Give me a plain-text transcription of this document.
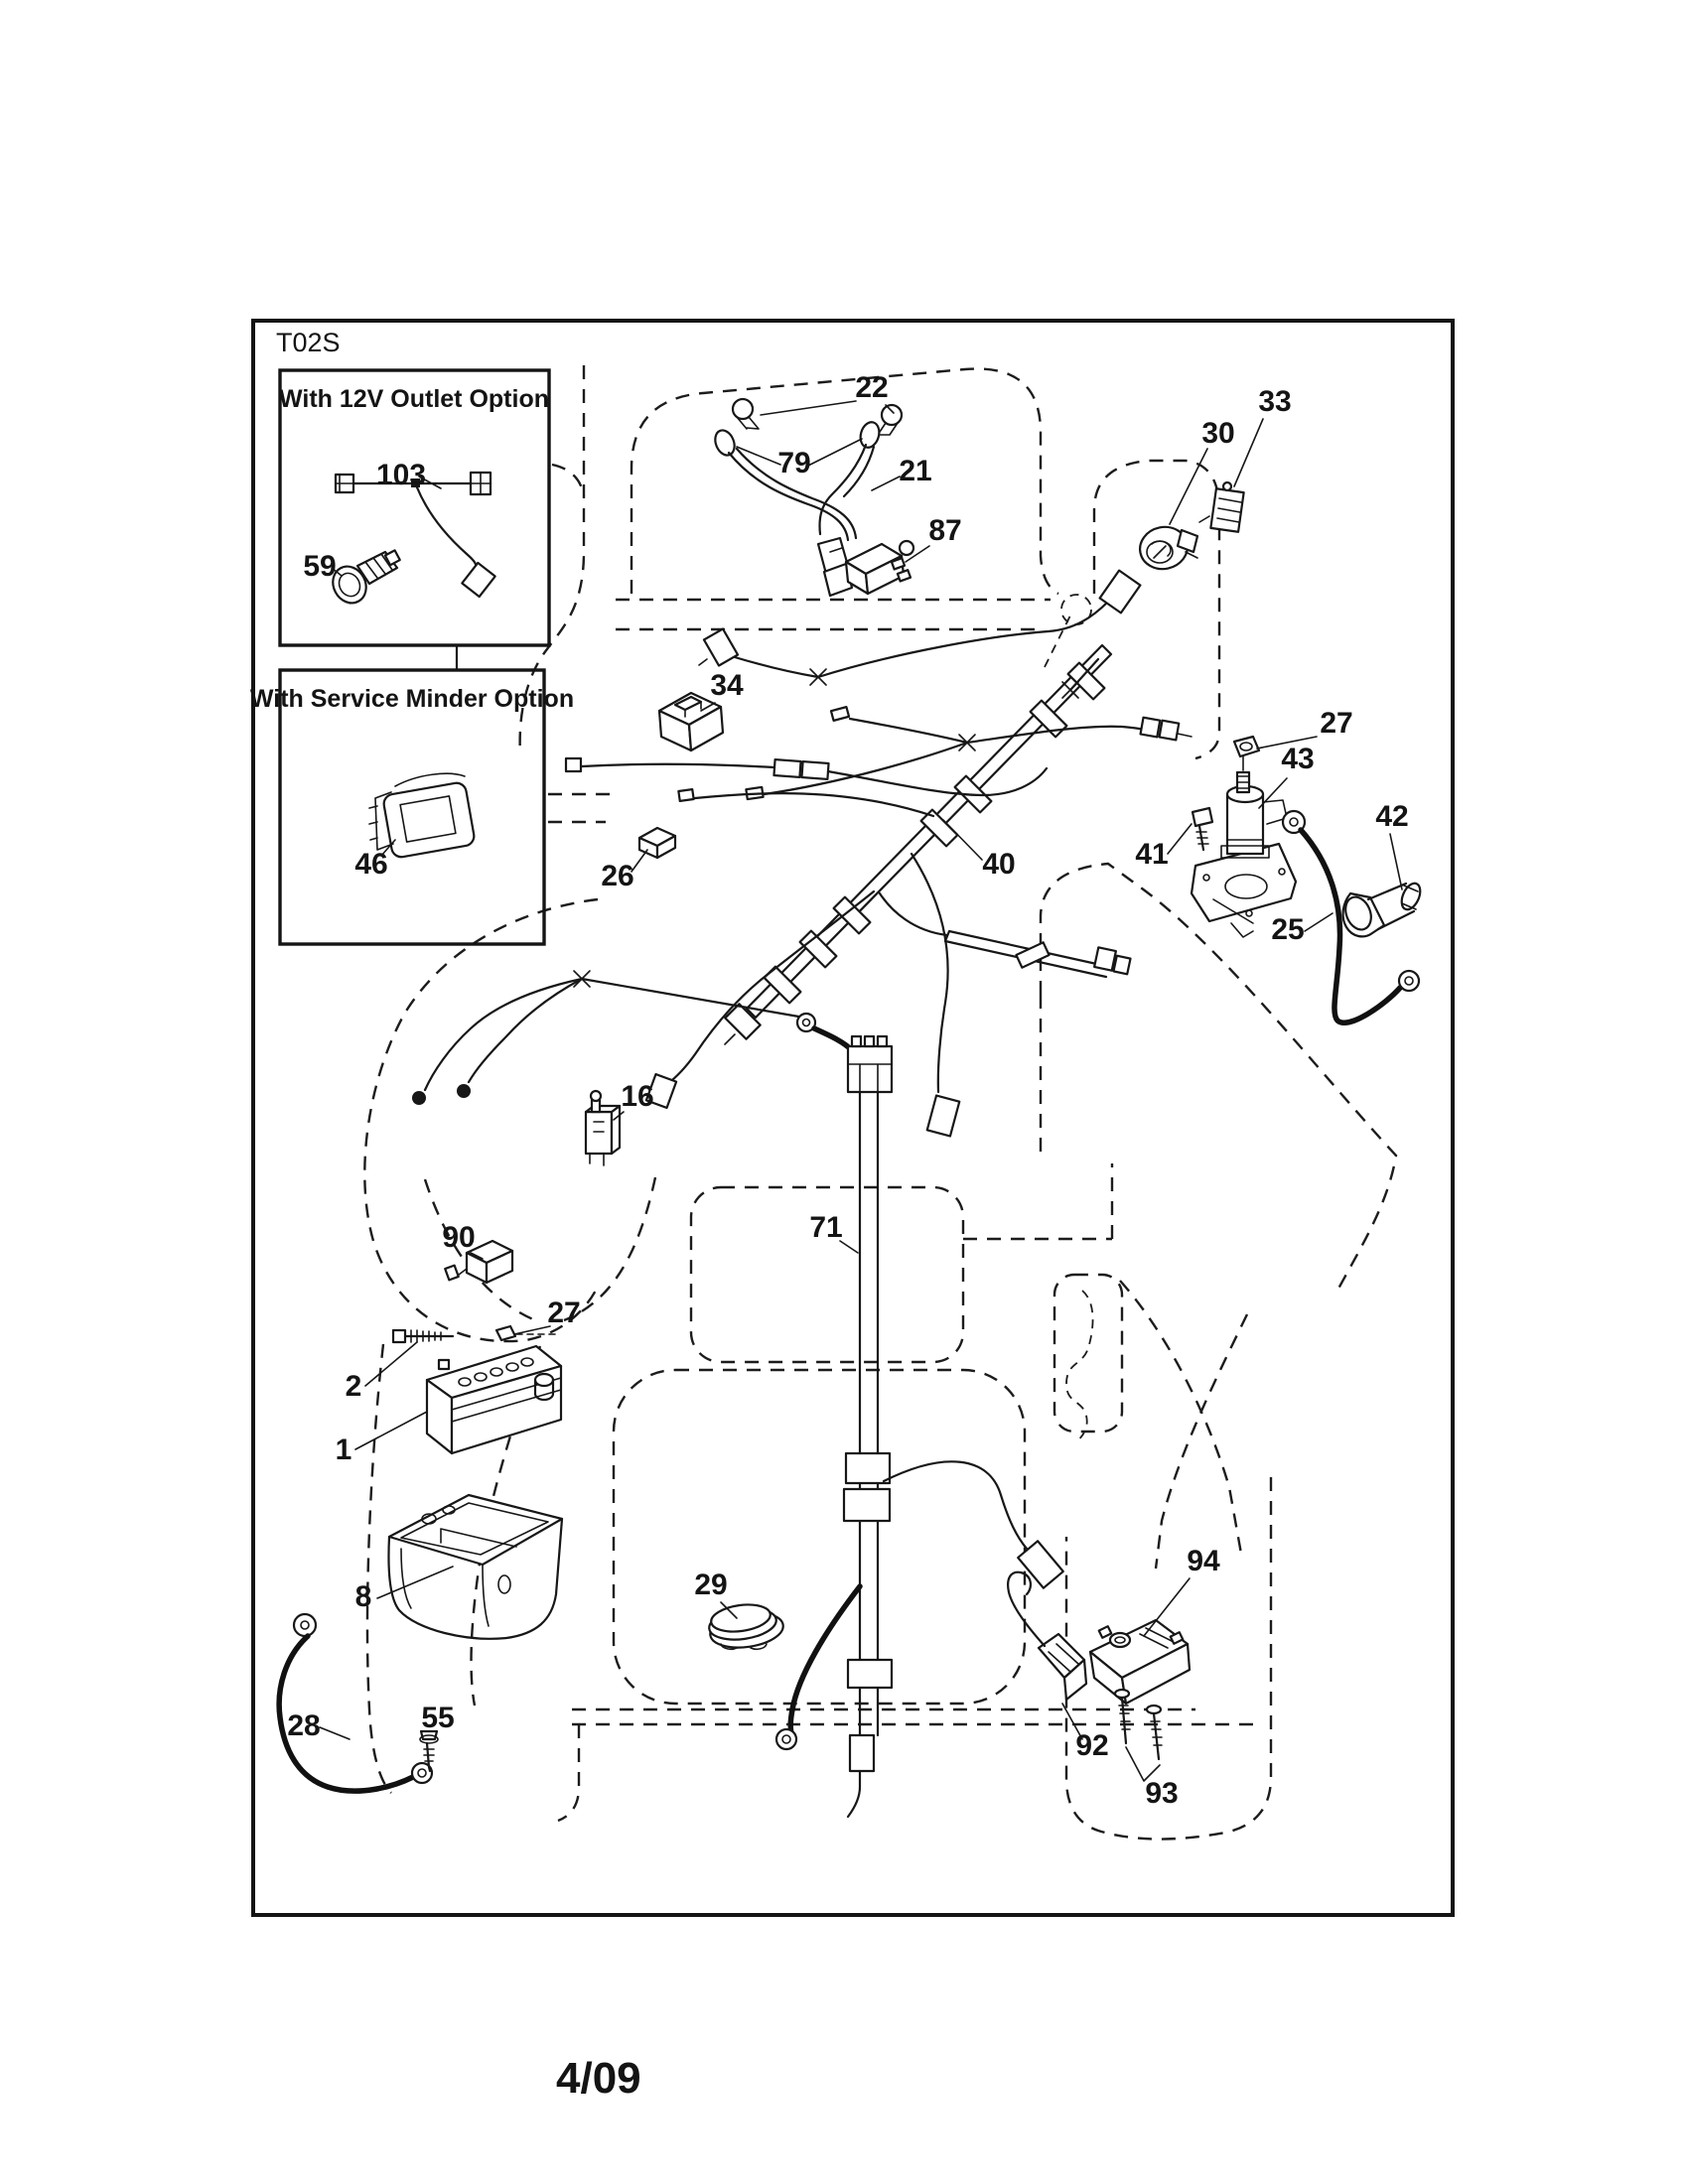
T02S
4/09
With 12V Outlet Option
103
59
With Service Minder Option
46
22
79	21
87
30
33
40
34
26
27
43
41
42
25
16
90
27
2
1
8
28	55
29
71
94
92
93
